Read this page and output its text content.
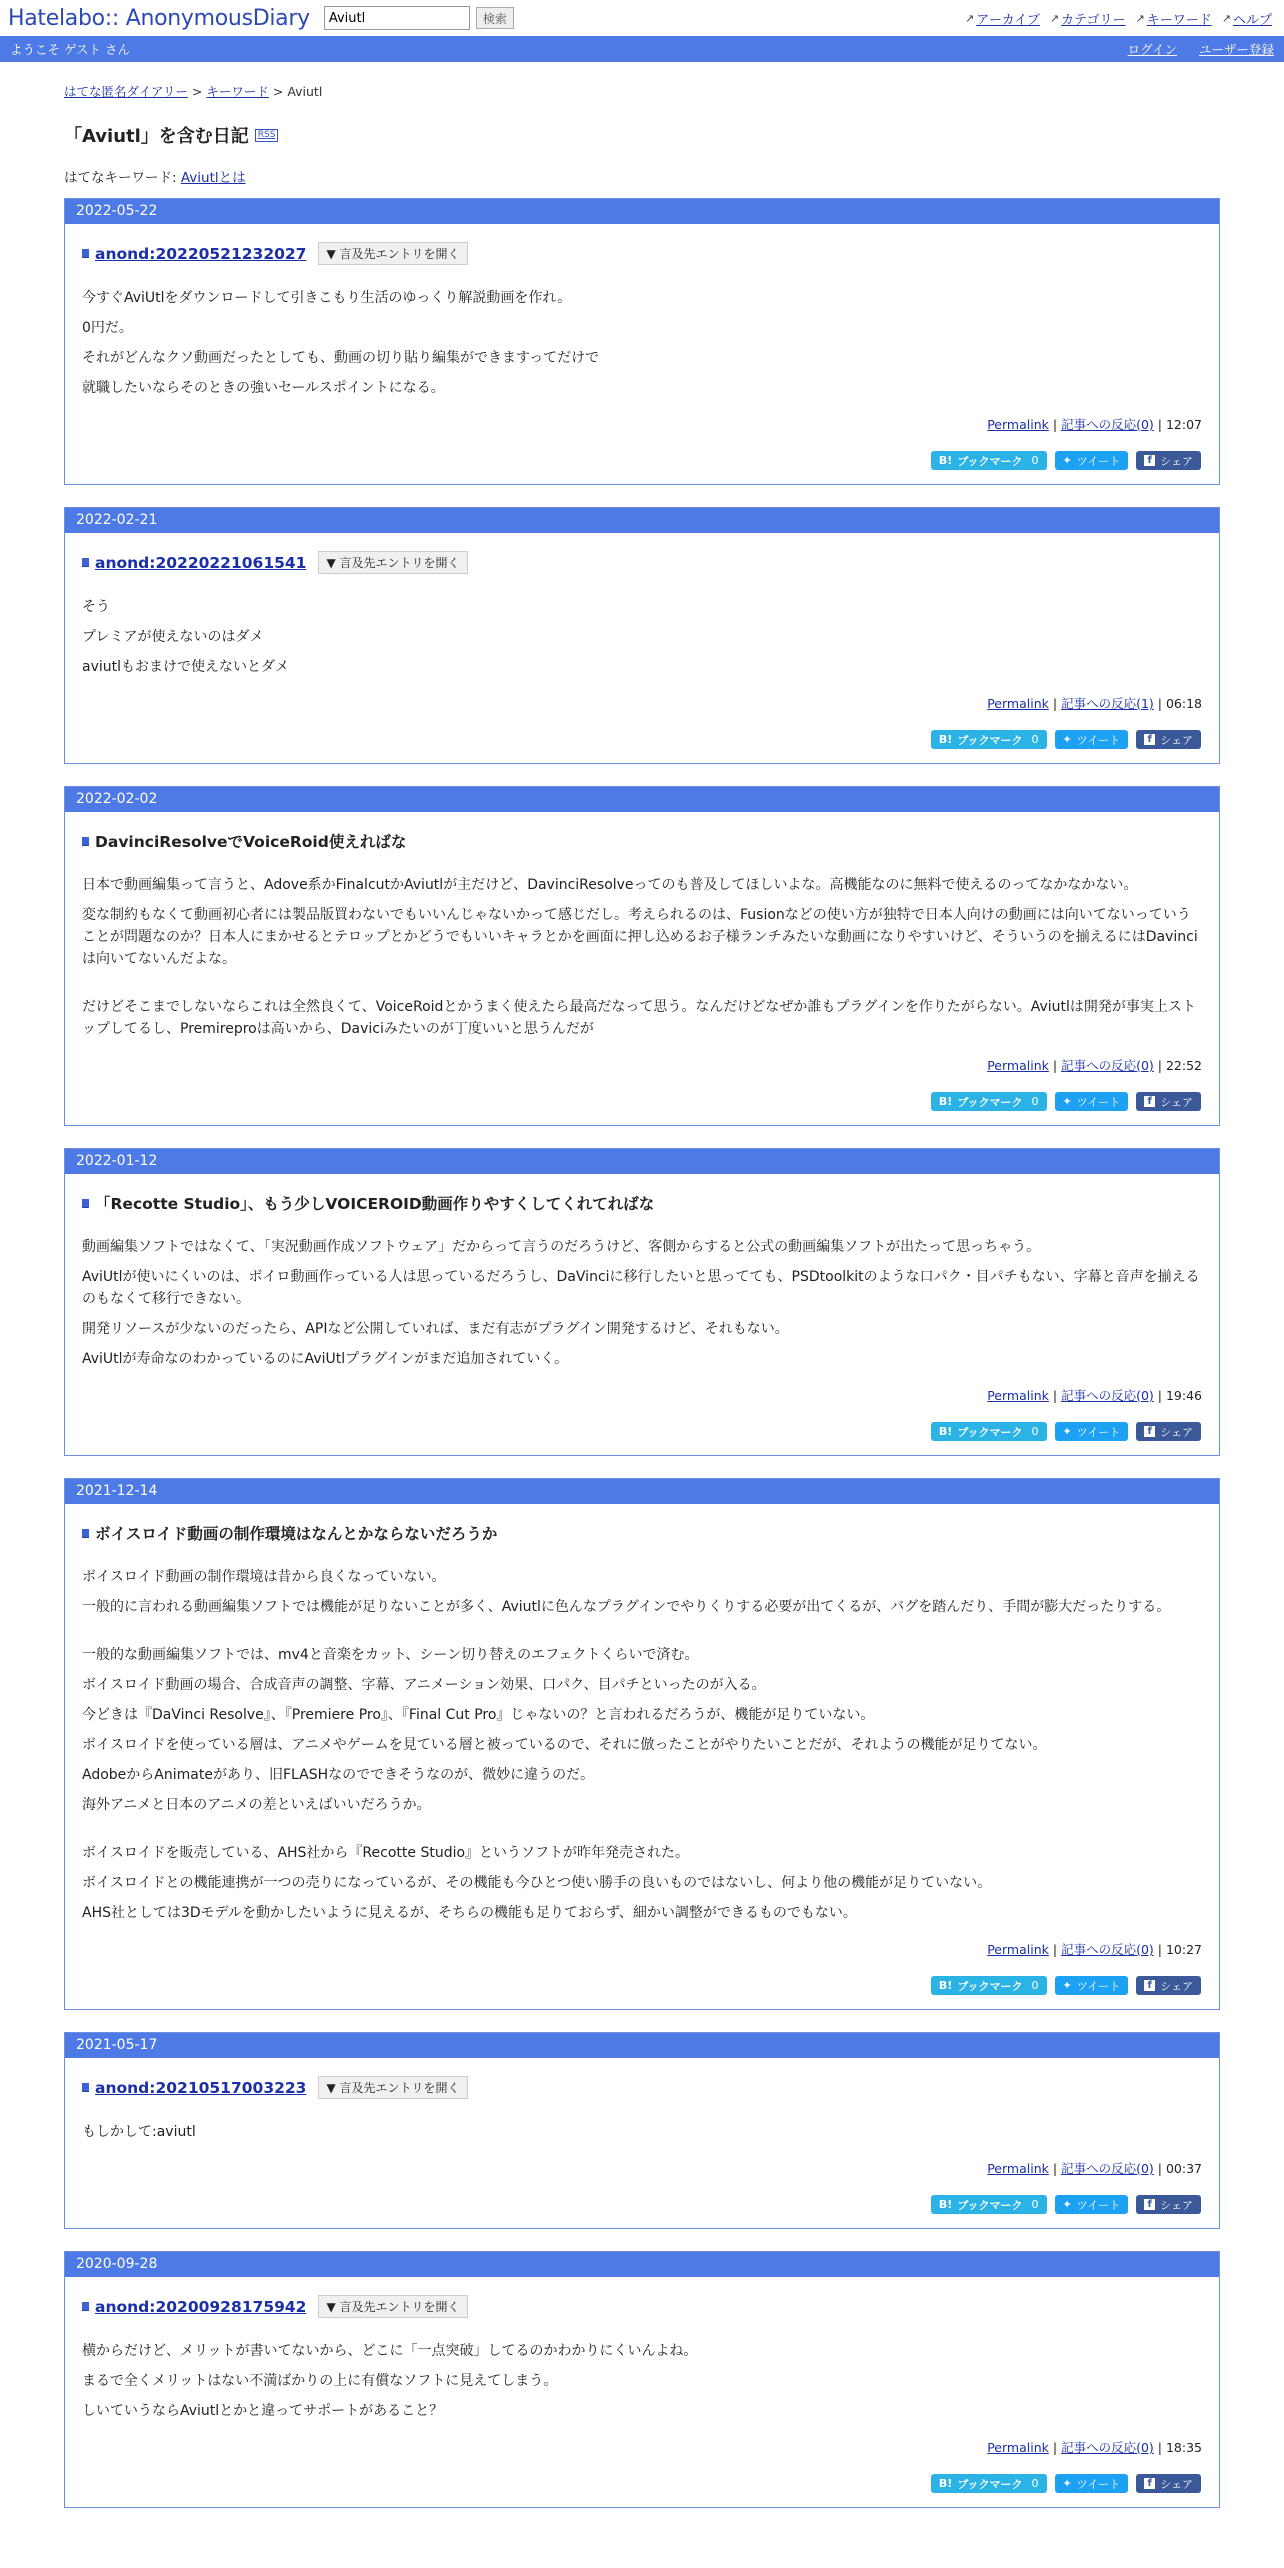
Hatelabo:: AnonymousDiary
Aviutl	検索	↗ アーカイブ ↗ カテゴリー ↗ キーワード ↗ ヘルプ
ようこそ ゲスト さん	ログイン ユーザー登録
はてな匿名ダイアリー > キーワード > Aviutl
「Aviutl」を含む日記	RSS
はてなキーワード: Aviutlとは
2022-05-22
anond:20220521232027	▼ 言及先エントリを開く

今すぐAviUtlをダウンロードして引きこもり生活のゆっくり解説動画を作れ。

0円だ。

それがどんなクソ動画だったとしても、動画の切り貼り編集ができますってだけで

就職したいならそのときの強いセールスポイントになる。

Permalink | 記事への反応(0) | 12:07
B! ブックマーク 0 ✦ ツイート	f シェア
2022-02-21
anond:20220221061541	▼ 言及先エントリを開く

そう

プレミアが使えないのはダメ

aviutlもおまけで使えないとダメ

Permalink | 記事への反応(1) | 06:18
B! ブックマーク 0 ✦ ツイート	f シェア
2022-02-02
DavinciResolveでVoiceRoid使えればな

日本で動画編集って言うと、Adove系かFinalcutかAviutlが主だけど、DavinciResolveってのも普及してほしいよな。高機能なのに無料で使えるのってなかなかない。

変な制約もなくて動画初心者には製品版買わないでもいいんじゃないかって感じだし。考えられるのは、Fusionなどの使い方が独特で日本人向けの動画には向いてないっていうことが問題なのか？日本人にまかせるとテロップとかどうでもいいキャラとかを画面に押し込めるお子様ランチみたいな動画になりやすいけど、そういうのを揃えるにはDavinciは向いてないんだよな。

だけどそこまでしないならこれは全然良くて、VoiceRoidとかうまく使えたら最高だなって思う。なんだけどなぜか誰もプラグインを作りたがらない。Aviutlは開発が事実上ストップしてるし、Premireproは高いから、Daviciみたいのが丁度いいと思うんだが

Permalink | 記事への反応(0) | 22:52
B! ブックマーク 0 ✦ ツイート	f シェア
2022-01-12
「Recotte Studio」、もう少しVOICEROID動画作りやすくしてくれてればな

動画編集ソフトではなくて、「実況動画作成ソフトウェア」だからって言うのだろうけど、客側からすると公式の動画編集ソフトが出たって思っちゃう。

AviUtlが使いにくいのは、ボイロ動画作っている人は思っているだろうし、DaVinciに移行したいと思ってても、PSDtoolkitのような口パク・目パチもない、字幕と音声を揃えるのもなくて移行できない。

開発リソースが少ないのだったら、APIなど公開していれば、まだ有志がプラグイン開発するけど、それもない。

AviUtlが寿命なのわかっているのにAviUtlプラグインがまだ追加されていく。

Permalink | 記事への反応(0) | 19:46
B! ブックマーク 0 ✦ ツイート	f シェア
2021-12-14
ボイスロイド動画の制作環境はなんとかならないだろうか

ボイスロイド動画の制作環境は昔から良くなっていない。

一般的に言われる動画編集ソフトでは機能が足りないことが多く、Aviutlに色んなプラグインでやりくりする必要が出てくるが、バグを踏んだり、手間が膨大だったりする。

一般的な動画編集ソフトでは、mv4と音楽をカット、シーン切り替えのエフェクトくらいで済む。

ボイスロイド動画の場合、合成音声の調整、字幕、アニメーション効果、口パク、目パチといったのが入る。

今どきは『DaVinci Resolve』、『Premiere Pro』、『Final Cut Pro』じゃないの？と言われるだろうが、機能が足りていない。

ボイスロイドを使っている層は、アニメやゲームを見ている層と被っているので、それに倣ったことがやりたいことだが、それようの機能が足りてない。

AdobeからAnimateがあり、旧FLASHなのでできそうなのが、微妙に違うのだ。

海外アニメと日本のアニメの差といえばいいだろうか。

ボイスロイドを販売している、AHS社から『Recotte Studio』というソフトが昨年発売された。

ボイスロイドとの機能連携が一つの売りになっているが、その機能も今ひとつ使い勝手の良いものではないし、何より他の機能が足りていない。

AHS社としては3Dモデルを動かしたいように見えるが、そちらの機能も足りておらず、細かい調整ができるものでもない。

Permalink | 記事への反応(0) | 10:27
B! ブックマーク 0 ✦ ツイート	f シェア
2021-05-17
anond:20210517003223	▼ 言及先エントリを開く

もしかして:aviutl

Permalink | 記事への反応(0) | 00:37
B! ブックマーク 0 ✦ ツイート	f シェア
2020-09-28
anond:20200928175942	▼ 言及先エントリを開く

横からだけど、メリットが書いてないから、どこに「一点突破」してるのかわかりにくいんよね。

まるで全くメリットはない不満ばかりの上に有償なソフトに見えてしまう。

しいていうならAviutlとかと違ってサポートがあること？

Permalink | 記事への反応(0) | 18:35
B! ブックマーク 0 ✦ ツイート	f シェア
